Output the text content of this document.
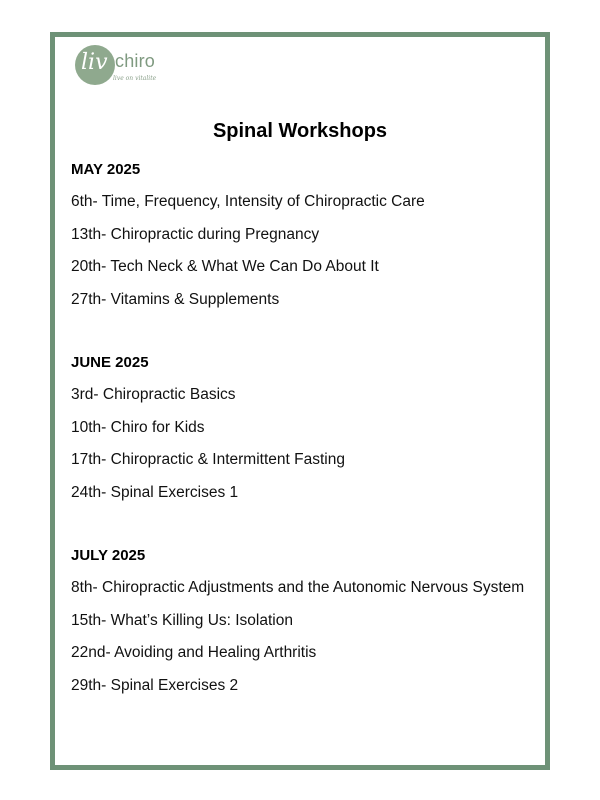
liv chiro
live on vitalite
Spinal Workshops
MAY 2025
6th- Time, Frequency, Intensity of Chiropractic Care
13th- Chiropractic during Pregnancy
20th- Tech Neck & What We Can Do About It
27th- Vitamins & Supplements
JUNE 2025
3rd- Chiropractic Basics
10th- Chiro for Kids
17th- Chiropractic & Intermittent Fasting
24th- Spinal Exercises 1
JULY 2025
8th- Chiropractic Adjustments and the Autonomic Nervous System
15th- What’s Killing Us: Isolation
22nd- Avoiding and Healing Arthritis
29th- Spinal Exercises 2
